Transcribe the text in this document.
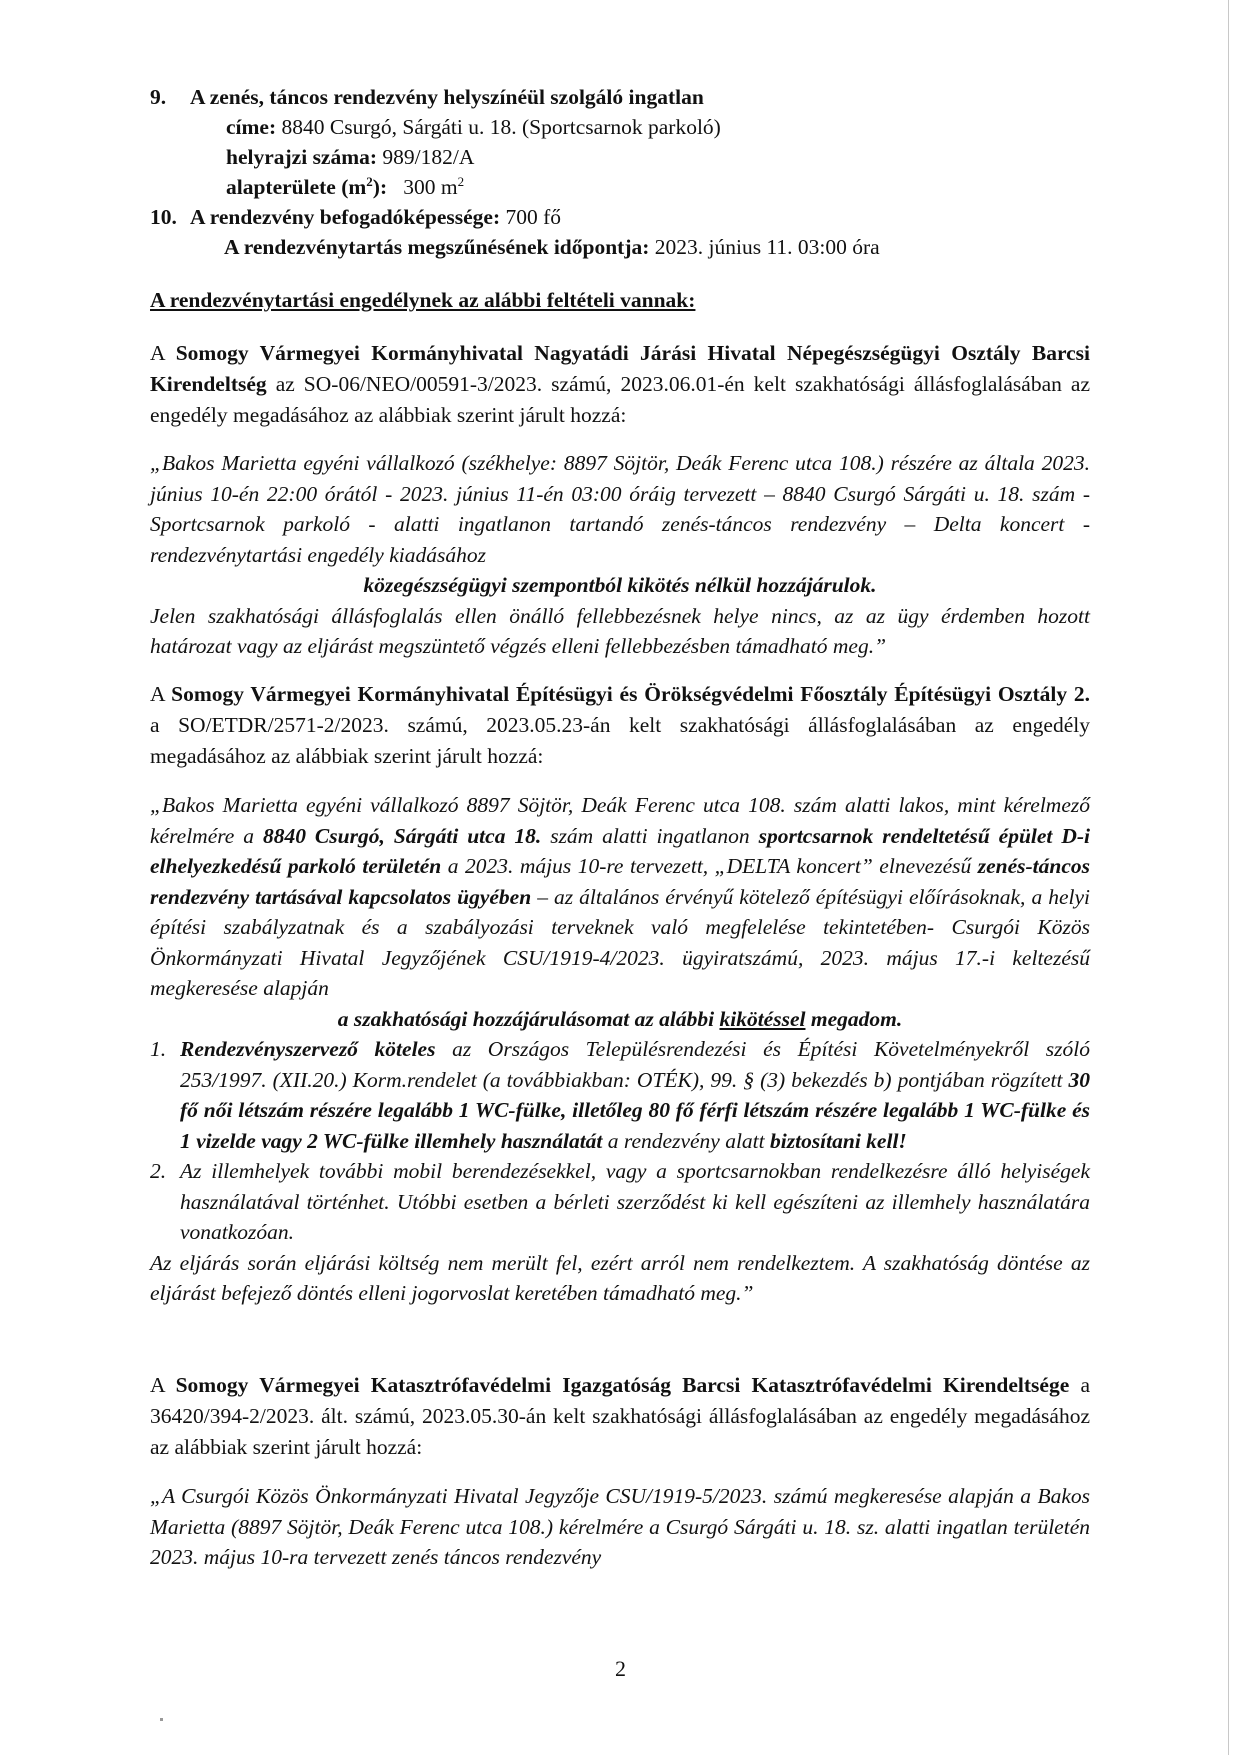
9. A zenés, táncos rendezvény helyszínéül szolgáló ingatlan
címe: 8840 Csurgó, Sárgáti u. 18. (Sportcsarnok parkoló)
helyrajzi száma: 989/182/A
alapterülete $(m^2)$: 300 $m^2$
10. A rendezvény befogadóképessége: 700 fő
A rendezvénytartás megszűnésének időpontja: 2023. június 11. 03:00 óra
A rendezvénytartási engedélynek az alábbi feltételi vannak:
A Somogy Vármegyei Kormányhivatal Nagyatádi Járási Hivatal Népegészségügyi Osztály Barcsi Kirendeltség az SO-06/NEO/00591-3/2023. számú, 2023.06.01-én kelt szakhatósági állásfoglalásában az engedély megadásához az alábbiak szerint járult hozzá:
„Bakos Marietta egyéni vállalkozó (székhelye: 8897 Söjtör, Deák Ferenc utca 108.) részére az általa 2023. június 10-én 22:00 órától - 2023. június 11-én 03:00 óráig tervezett – 8840 Csurgó Sárgáti u. 18. szám -Sportcsarnok parkoló - alatti ingatlanon tartandó zenés-táncos rendezvény – Delta koncert - rendezvénytartási engedély kiadásához
közegészségügyi szempontból kikötés nélkül hozzájárulok.
Jelen szakhatósági állásfoglalás ellen önálló fellebbezésnek helye nincs, az az ügy érdemben hozott határozat vagy az eljárást megszüntető végzés elleni fellebbezésben támadható meg.”
A Somogy Vármegyei Kormányhivatal Építésügyi és Örökségvédelmi Főosztály Építésügyi Osztály 2. a SO/ETDR/2571-2/2023. számú, 2023.05.23-án kelt szakhatósági állásfoglalásában az engedély megadásához az alábbiak szerint járult hozzá:
„Bakos Marietta egyéni vállalkozó 8897 Söjtör, Deák Ferenc utca 108. szám alatti lakos, mint kérelmező kérelmére a 8840 Csurgó, Sárgáti utca 18. szám alatti ingatlanon sportcsarnok rendeltetésű épület D-i elhelyezkedésű parkoló területén a 2023. május 10-re tervezett, „DELTA koncert” elnevezésű zenés-táncos rendezvény tartásával kapcsolatos ügyében – az általános érvényű kötelező építésügyi előírásoknak, a helyi építési szabályzatnak és a szabályozási terveknek való megfelelése tekintetében- Csurgói Közös Önkormányzati Hivatal Jegyzőjének CSU/1919-4/2023. ügyiratszámú, 2023. május 17.-i keltezésű megkeresése alapján
a szakhatósági hozzájárulásomat az alábbi kikötéssel megadom.
1. Rendezvényszervező köteles az Országos Településrendezési és Építési Követelményekről szóló 253/1997. (XII.20.) Korm.rendelet (a továbbiakban: OTÉK), 99. § (3) bekezdés b) pontjában rögzített 30 fő női létszám részére legalább 1 WC-fülke, illetőleg 80 fő férfi létszám részére legalább 1 WC-fülke és 1 vizelde vagy 2 WC-fülke illemhely használatát a rendezvény alatt biztosítani kell!
2. Az illemhelyek további mobil berendezésekkel, vagy a sportcsarnokban rendelkezésre álló helyiségek használatával történhet. Utóbbi esetben a bérleti szerződést ki kell egészíteni az illemhely használatára vonatkozóan.
Az eljárás során eljárási költség nem merült fel, ezért arról nem rendelkeztem. A szakhatóság döntése az eljárást befejező döntés elleni jogorvoslat keretében támadható meg.”
A Somogy Vármegyei Katasztrófavédelmi Igazgatóság Barcsi Katasztrófavédelmi Kirendeltsége a 36420/394-2/2023. ált. számú, 2023.05.30-án kelt szakhatósági állásfoglalásában az engedély megadásához az alábbiak szerint járult hozzá:
„A Csurgói Közös Önkormányzati Hivatal Jegyzője CSU/1919-5/2023. számú megkeresése alapján a Bakos Marietta (8897 Söjtör, Deák Ferenc utca 108.) kérelmére a Csurgó Sárgáti u. 18. sz. alatti ingatlan területén 2023. május 10-ra tervezett zenés táncos rendezvény
2
